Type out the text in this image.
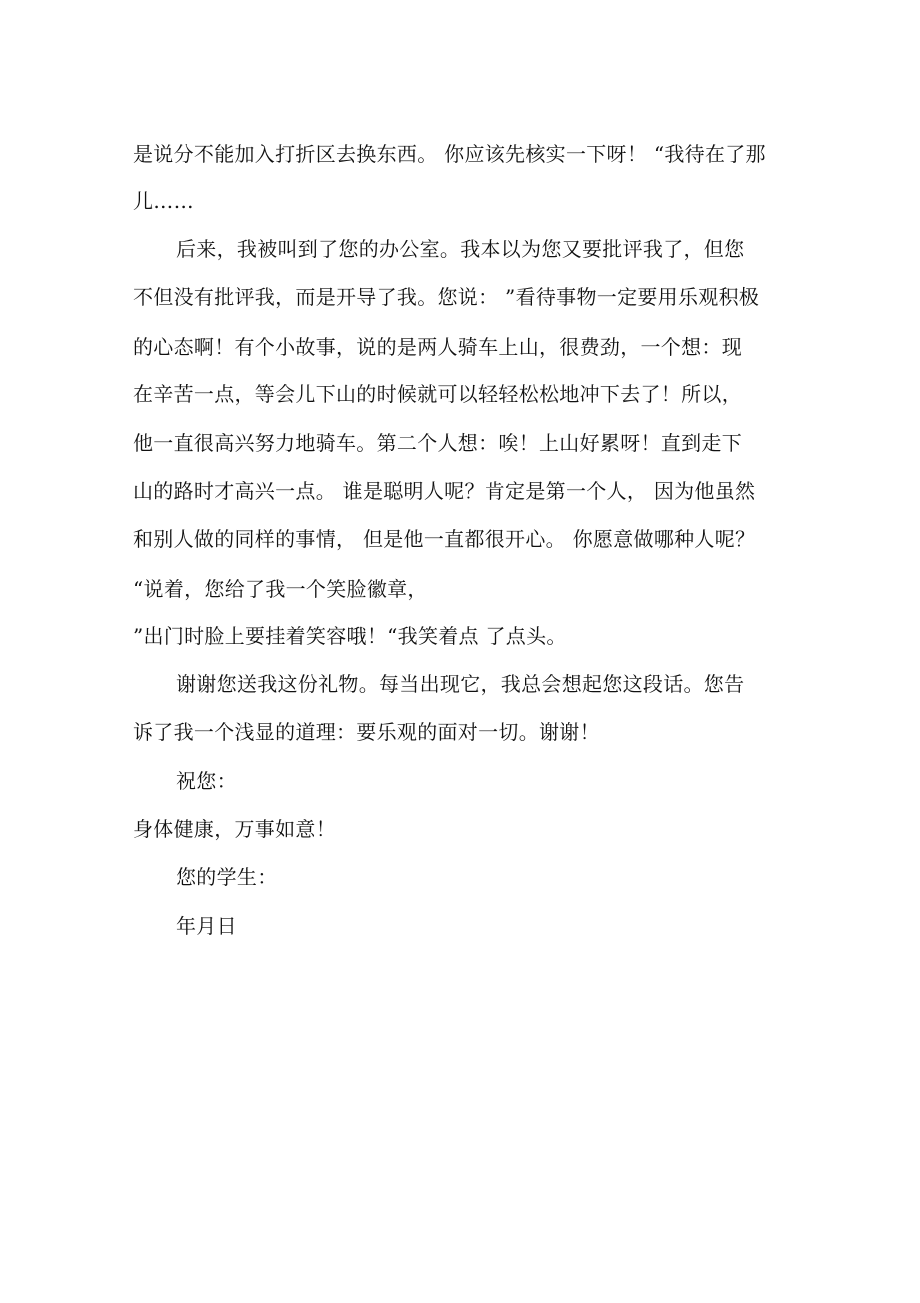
是说分不能加入打折区去换东西。 你应该先核实一下呀！ “我待在了那
儿……
后来，我被叫到了您的办公室。我本以为您又要批评我了，但您
不但没有批评我，而是开导了我。您说： ”看待事物一定要用乐观积极
的心态啊！有个小故事，说的是两人骑车上山，很费劲，一个想：现
在辛苦一点，等会儿下山的时候就可以轻轻松松地冲下去了！所以，
他一直很高兴努力地骑车。第二个人想：唉！上山好累呀！直到走下
山的路时才高兴一点。 谁是聪明人呢？肯定是第一个人， 因为他虽然
和别人做的同样的事情， 但是他一直都很开心。 你愿意做哪种人呢？
“说着，您给了我一个笑脸徽章，
”出门时脸上要挂着笑容哦！“我笑着点 了点头。
谢谢您送我这份礼物。每当出现它，我总会想起您这段话。您告
诉了我一个浅显的道理：要乐观的面对一切。谢谢！
祝您：
身体健康，万事如意！
您的学生：
年月日
